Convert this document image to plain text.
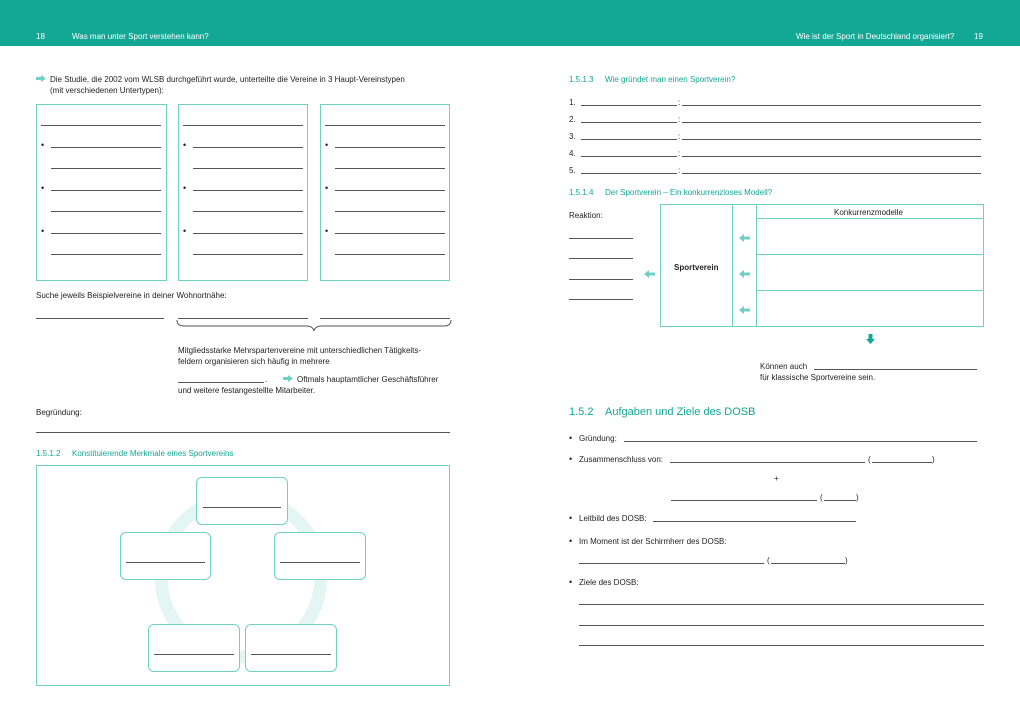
18	Was man unter Sport verstehen kann?	Wie ist der Sport in Deutschland organisiert? 19
Die Studie, die 2002 vom WLSB durchgeführt wurde, unterteilte die Vereine in 3 Haupt-Vereinstypen
(mit verschiedenen Untertypen):
•
•
•
•
•
•
•
•
•
Suche jeweils Beispielvereine in deiner Wohnortnähe:
Mitgliedsstarke Mehrspartenvereine mit unterschiedlichen Tätigkeits-
feldern organisieren sich häufig in mehrere
.	Oftmals hauptamtlicher Geschäftsführer
und weitere festangestellte Mitarbeiter.
Begründung:
1.5.1.2 Konstituierende Merkmale eines Sportvereins
1.5.1.3 Wie gründet man einen Sportverein?
1.	:
2.	:
3.	:
4.	:
5.	:
1.5.1.4 Der Sportverein – Ein konkurrenzloses Modell?
Reaktion:
Sportverein
Konkurrenzmodelle
Können auch
für klassische Sportvereine sein.
1.5.2 Aufgaben und Ziele des DOSB
• Gründung:
• Zusammenschluss von:	(	)
+
(	)
• Leitbild des DOSB:
• Im Moment ist der Schirmherr des DOSB:
(	)
• Ziele des DOSB:
